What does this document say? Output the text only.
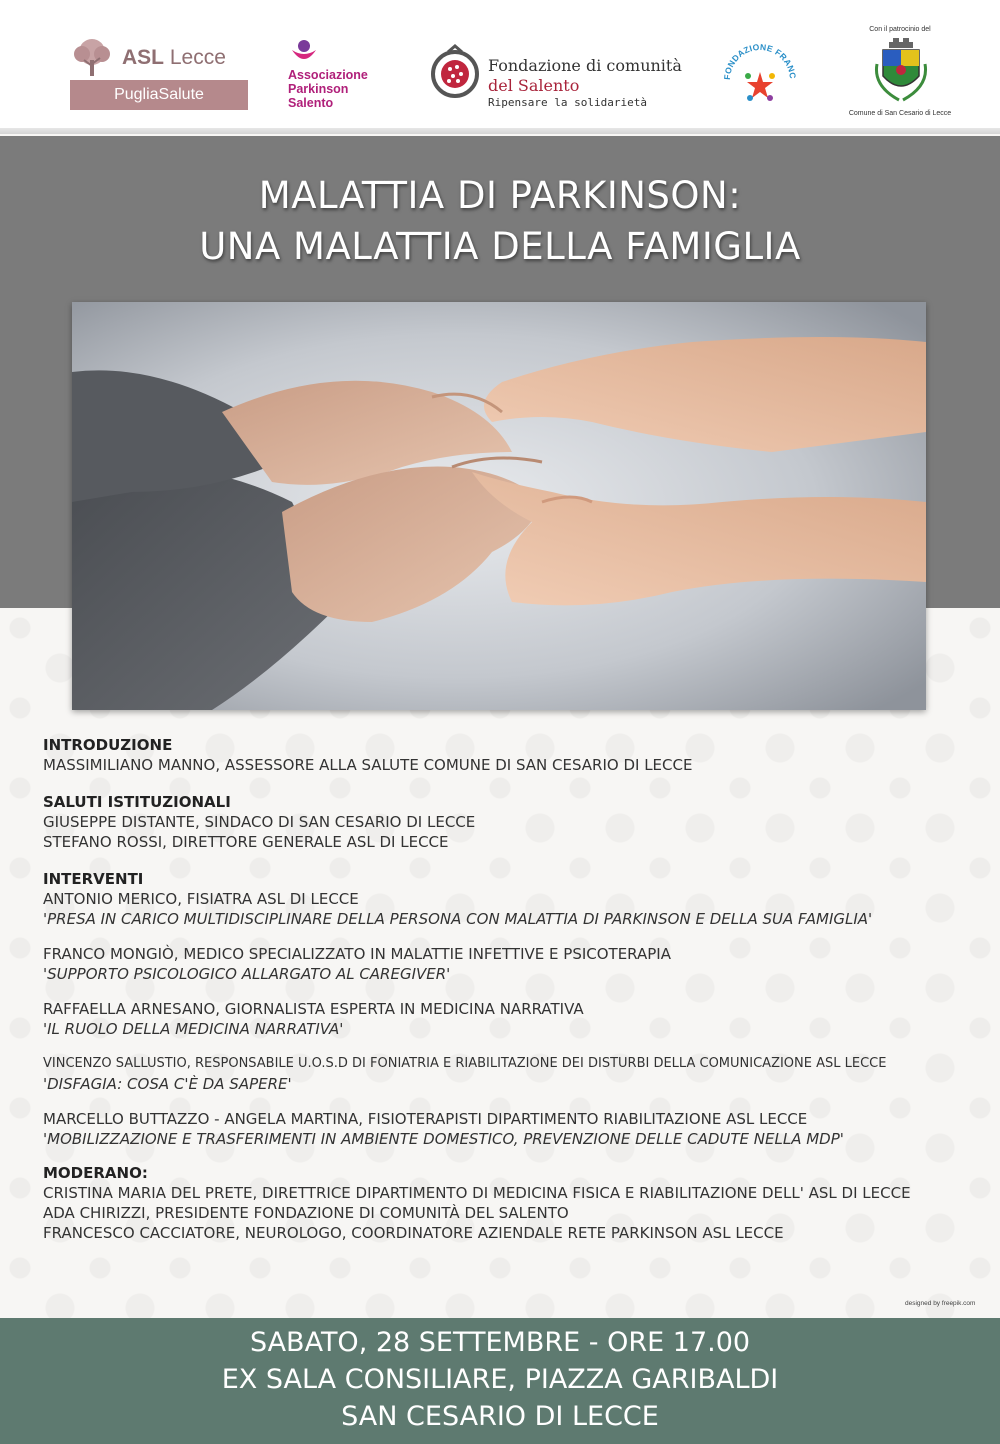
ASL Lecce
PugliaSalute
Associazione
Parkinson
Salento
Fondazione di comunità
del Salento
Ripensare la solidarietà
FONDAZIONE FRANC
Con il patrocinio del
Comune di San Cesario di Lecce
MALATTIA DI PARKINSON:
UNA MALATTIA DELLA FAMIGLIA
INTRODUZIONE
MASSIMILIANO MANNO, ASSESSORE ALLA SALUTE COMUNE DI SAN CESARIO DI LECCE
SALUTI ISTITUZIONALI
GIUSEPPE DISTANTE, SINDACO DI SAN CESARIO DI LECCE
STEFANO ROSSI, DIRETTORE GENERALE ASL DI LECCE
INTERVENTI
ANTONIO MERICO, FISIATRA ASL DI LECCE
'PRESA IN CARICO MULTIDISCIPLINARE DELLA PERSONA CON MALATTIA DI PARKINSON E DELLA SUA FAMIGLIA'
FRANCO MONGIÒ, MEDICO SPECIALIZZATO IN MALATTIE INFETTIVE E PSICOTERAPIA
'SUPPORTO PSICOLOGICO ALLARGATO AL CAREGIVER'
RAFFAELLA ARNESANO, GIORNALISTA ESPERTA IN MEDICINA NARRATIVA
'IL RUOLO DELLA MEDICINA NARRATIVA'
VINCENZO SALLUSTIO, RESPONSABILE U.O.S.D DI FONIATRIA E RIABILITAZIONE DEI DISTURBI DELLA COMUNICAZIONE ASL LECCE
'DISFAGIA: COSA C'È DA SAPERE'
MARCELLO BUTTAZZO - ANGELA MARTINA, FISIOTERAPISTI DIPARTIMENTO RIABILITAZIONE ASL LECCE
'MOBILIZZAZIONE E TRASFERIMENTI IN AMBIENTE DOMESTICO, PREVENZIONE DELLE CADUTE NELLA MDP'
MODERANO:
CRISTINA MARIA DEL PRETE, DIRETTRICE DIPARTIMENTO DI MEDICINA FISICA E RIABILITAZIONE DELL' ASL DI LECCE
ADA CHIRIZZI, PRESIDENTE FONDAZIONE DI COMUNITÀ DEL SALENTO
FRANCESCO CACCIATORE, NEUROLOGO, COORDINATORE AZIENDALE RETE PARKINSON ASL LECCE
designed by freepik.com
SABATO, 28 SETTEMBRE - ORE 17.00
EX SALA CONSILIARE, PIAZZA GARIBALDI
SAN CESARIO DI LECCE
